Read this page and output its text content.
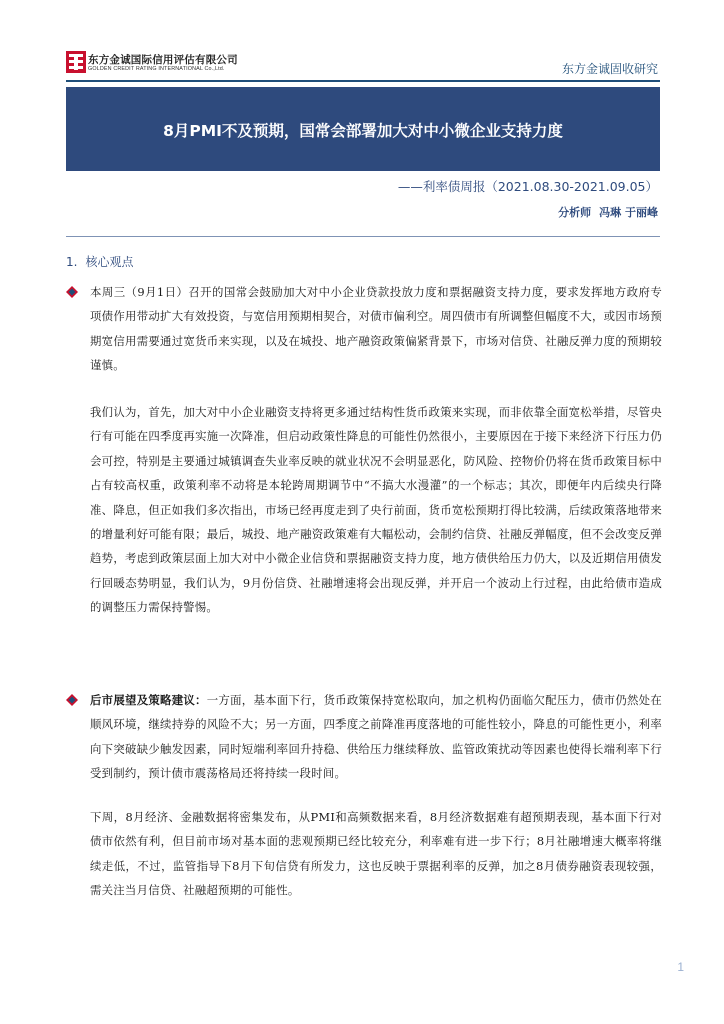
东方金诚国际信用评估有限公司
GOLDEN CREDIT RATING INTERNATIONAL Co.,Ltd.	东方金诚固收研究
8月PMI不及预期，国常会部署加大对中小微企业支持力度
——利率债周报（2021.08.30-2021.09.05）
分析师 冯琳 于丽峰
1. 核心观点
本周三（9月1日）召开的国常会鼓励加大对中小企业贷款投放力度和票据融资支持力度，要求发挥地方政府专项债作用带动扩大有效投资，与宽信用预期相契合，对债市偏利空。周四债市有所调整但幅度不大，或因市场预期宽信用需要通过宽货币来实现，以及在城投、地产融资政策偏紧背景下，市场对信贷、社融反弹力度的预期较谨慎。
我们认为，首先，加大对中小企业融资支持将更多通过结构性货币政策来实现，而非依靠全面宽松举措，尽管央行有可能在四季度再实施一次降准，但启动政策性降息的可能性仍然很小，主要原因在于接下来经济下行压力仍会可控，特别是主要通过城镇调查失业率反映的就业状况不会明显恶化，防风险、控物价仍将在货币政策目标中占有较高权重，政策利率不动将是本轮跨周期调节中“不搞大水漫灌”的一个标志；其次，即便年内后续央行降准、降息，但正如我们多次指出，市场已经再度走到了央行前面，货币宽松预期打得比较满，后续政策落地带来的增量利好可能有限；最后，城投、地产融资政策难有大幅松动，会制约信贷、社融反弹幅度，但不会改变反弹趋势，考虑到政策层面上加大对中小微企业信贷和票据融资支持力度，地方债供给压力仍大，以及近期信用债发行回暖态势明显，我们认为，9月份信贷、社融增速将会出现反弹，并开启一个波动上行过程，由此给债市造成的调整压力需保持警惕。
后市展望及策略建议：一方面，基本面下行，货币政策保持宽松取向，加之机构仍面临欠配压力，债市仍然处在顺风环境，继续持券的风险不大；另一方面，四季度之前降准再度落地的可能性较小，降息的可能性更小，利率向下突破缺少触发因素，同时短端利率回升持稳、供给压力继续释放、监管政策扰动等因素也使得长端利率下行受到制约，预计债市震荡格局还将持续一段时间。
下周，8月经济、金融数据将密集发布，从PMI和高频数据来看，8月经济数据难有超预期表现，基本面下行对债市依然有利，但目前市场对基本面的悲观预期已经比较充分，利率难有进一步下行；8月社融增速大概率将继续走低，不过，监管指导下8月下旬信贷有所发力，这也反映于票据利率的反弹，加之8月债券融资表现较强，需关注当月信贷、社融超预期的可能性。
1
